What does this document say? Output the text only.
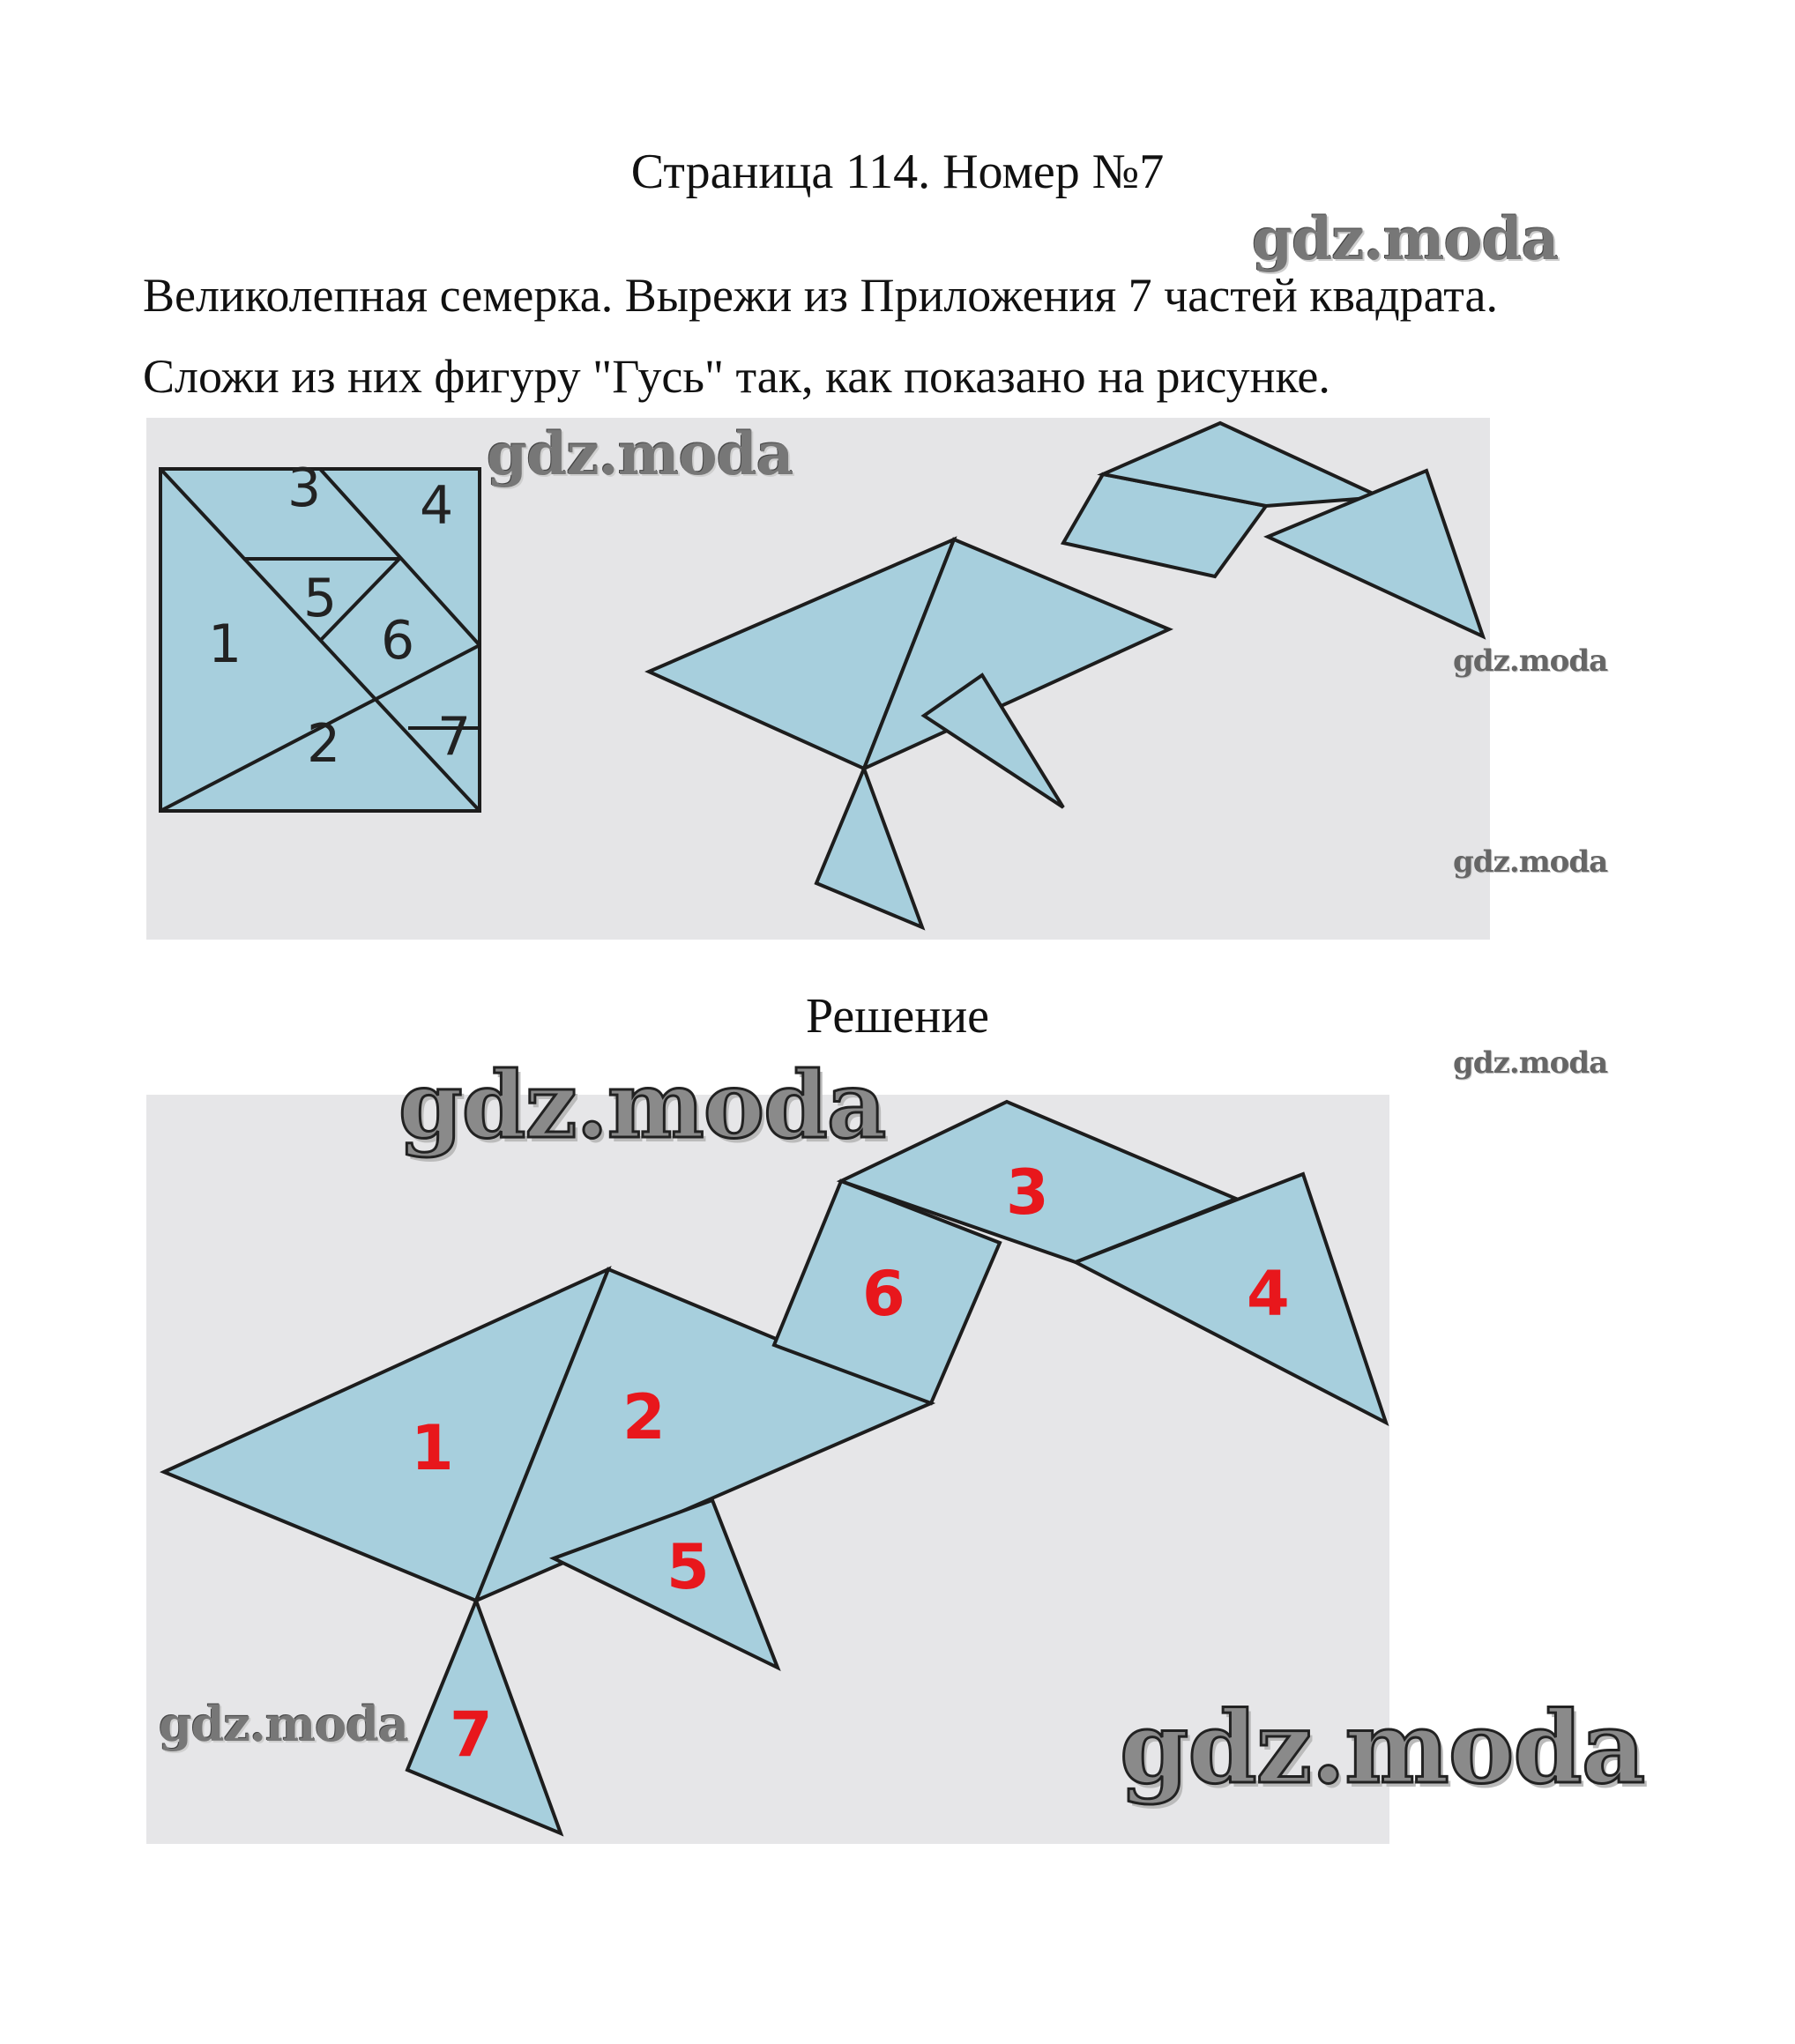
Страница 114. Номер №7
Великолепная семерка. Вырежи из Приложения 7 частей квадрата.
Сложи из них фигуру "Гусь" так, как показано на рисунке.
3 4
5
6
1
2 7
Решение
1	2
3
4
5
6
7
gdz.moda
gdz.moda
gdz.moda
gdz.moda
gdz.moda
gdz.moda
gdz.moda	gdz.moda
